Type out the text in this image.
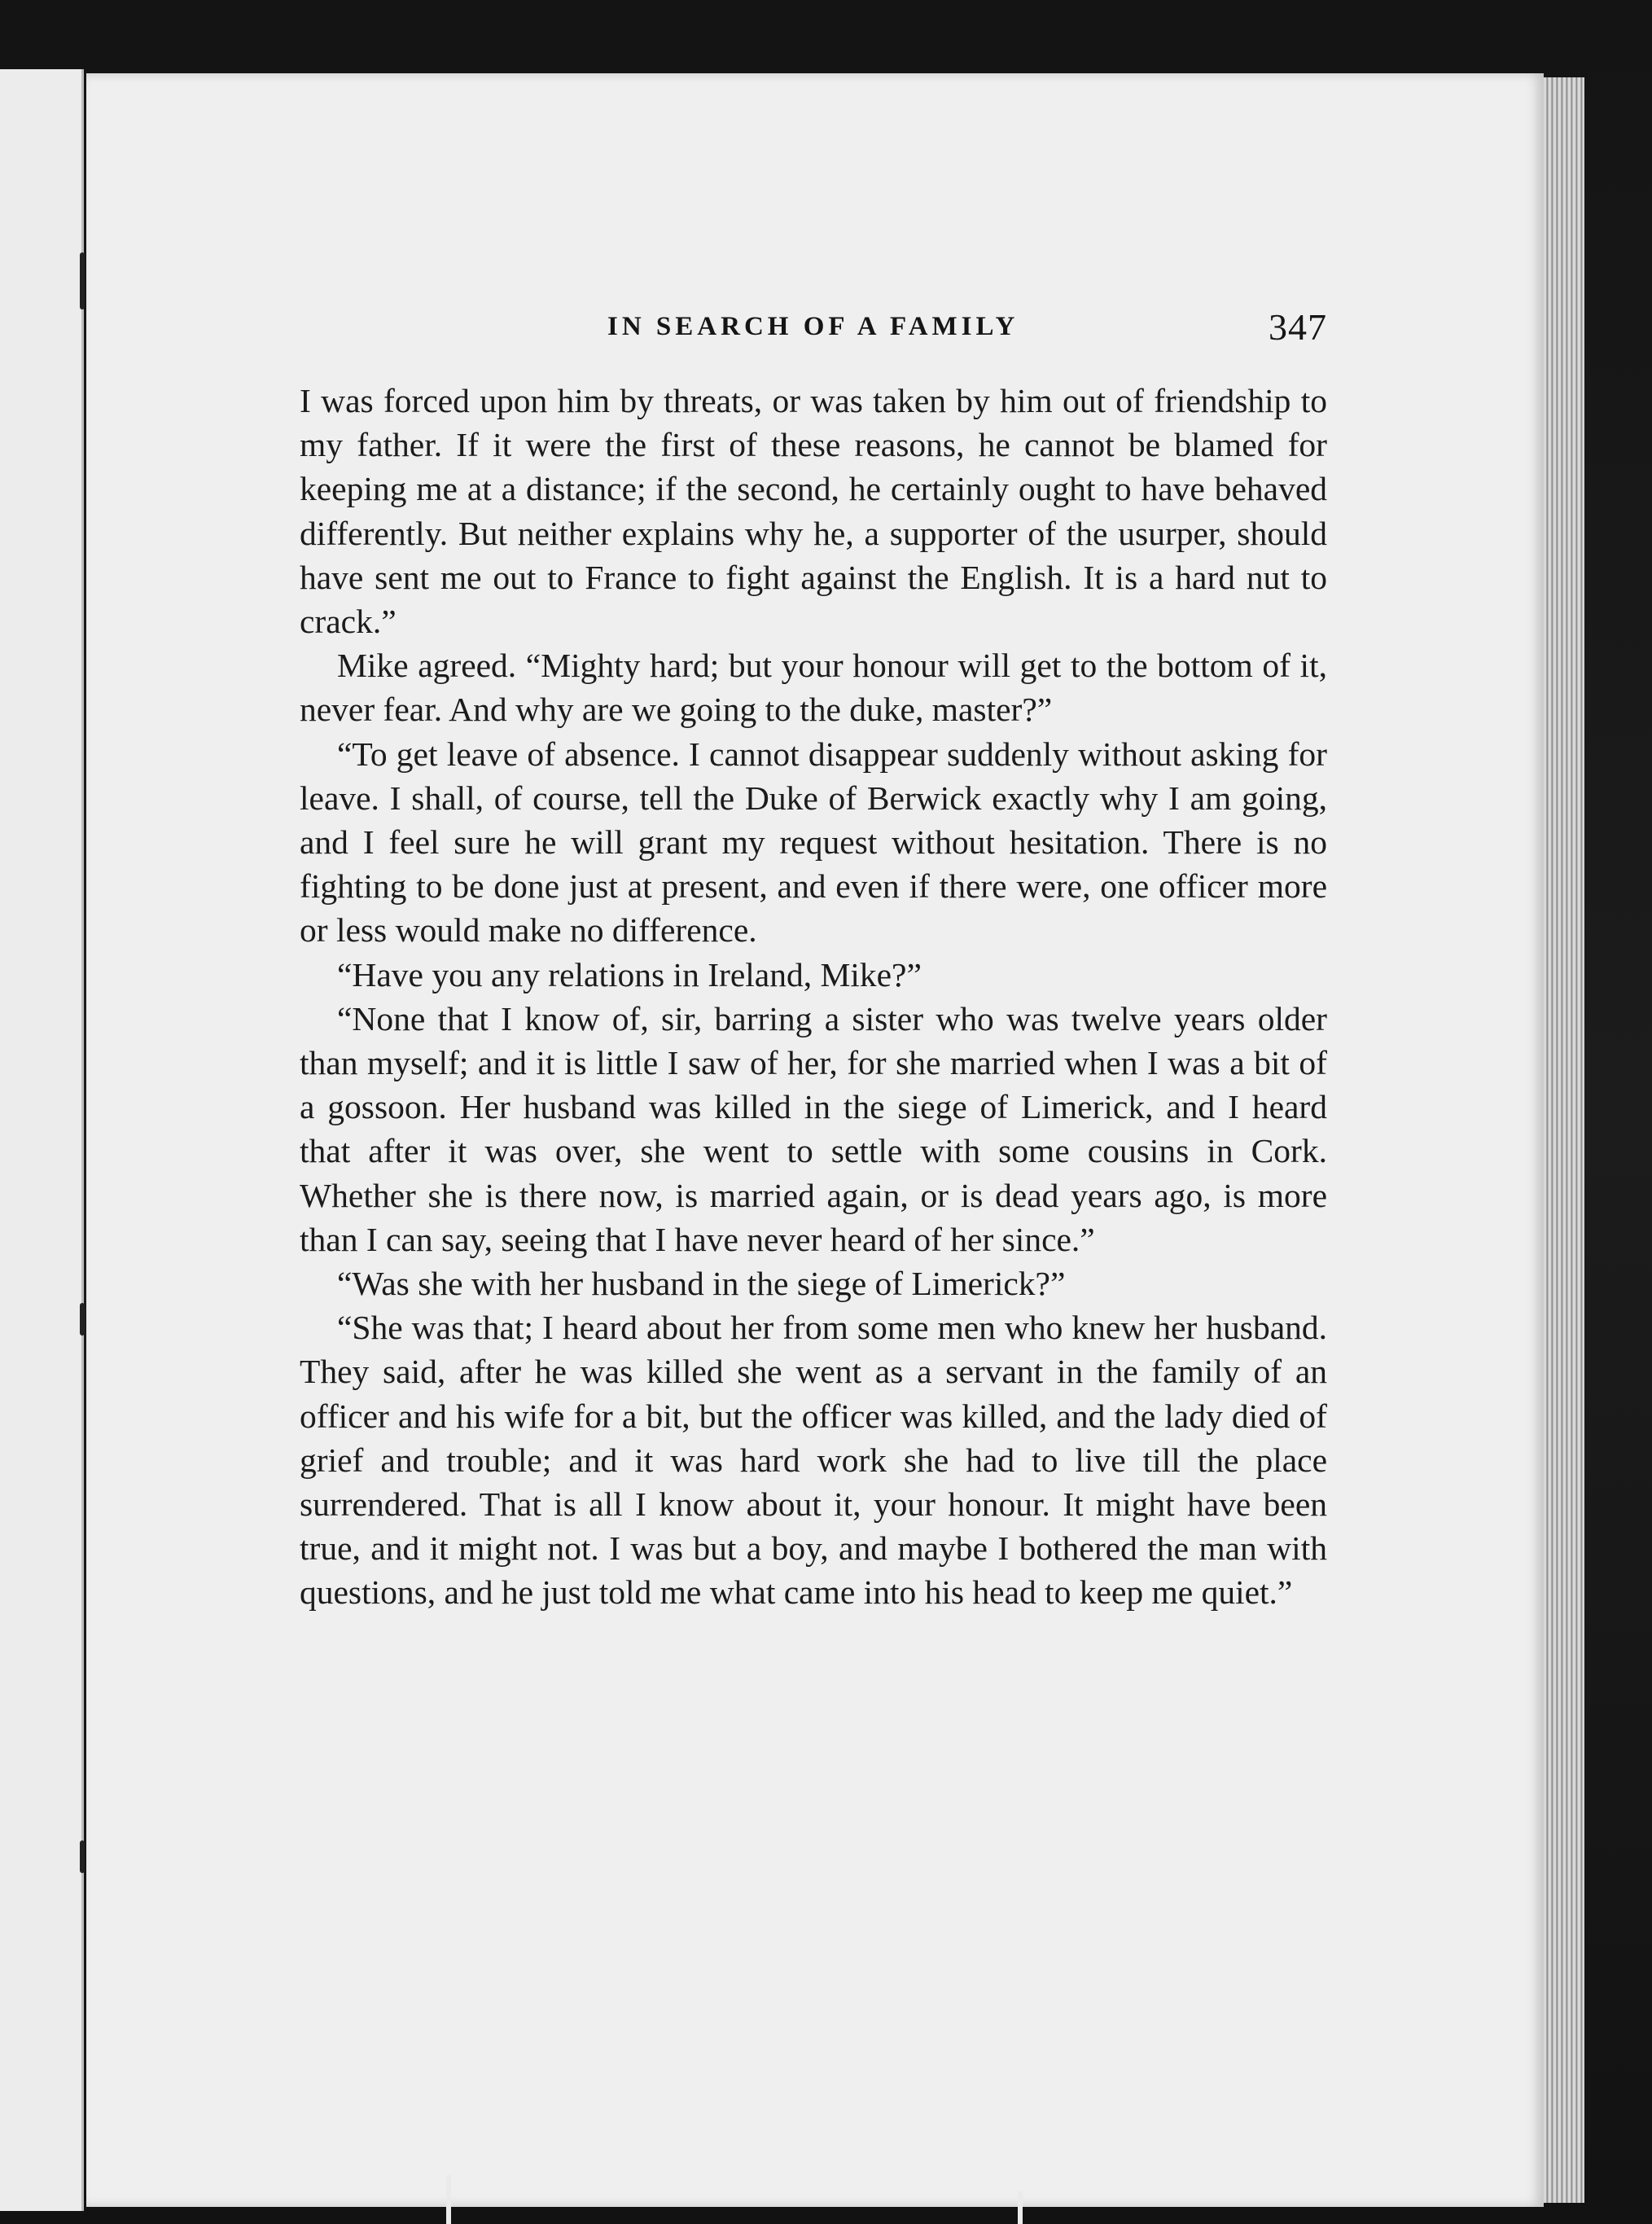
IN SEARCH OF A FAMILY	347

I was forced upon him by threats, or was taken by him out of friendship to my father. If it were the first of these reasons, he cannot be blamed for keeping me at a distance; if the second, he certainly ought to have behaved differently. But neither explains why he, a supporter of the usurper, should have sent me out to France to fight against the English. It is a hard nut to crack.”

Mike agreed. “Mighty hard; but your honour will get to the bottom of it, never fear. And why are we going to the duke, master?”

“To get leave of absence. I cannot disappear suddenly without asking for leave. I shall, of course, tell the Duke of Berwick exactly why I am going, and I feel sure he will grant my request without hesitation. There is no fighting to be done just at present, and even if there were, one officer more or less would make no difference.

“Have you any relations in Ireland, Mike?”

“None that I know of, sir, barring a sister who was twelve years older than myself; and it is little I saw of her, for she married when I was a bit of a gossoon. Her husband was killed in the siege of Limerick, and I heard that after it was over, she went to settle with some cousins in Cork. Whether she is there now, is married again, or is dead years ago, is more than I can say, seeing that I have never heard of her since.”

“Was she with her husband in the siege of Limerick?”

“She was that; I heard about her from some men who knew her husband. They said, after he was killed she went as a servant in the family of an officer and his wife for a bit, but the officer was killed, and the lady died of grief and trouble; and it was hard work she had to live till the place surrendered. That is all I know about it, your honour. It might have been true, and it might not. I was but a boy, and maybe I bothered the man with questions, and he just told me what came into his head to keep me quiet.”
